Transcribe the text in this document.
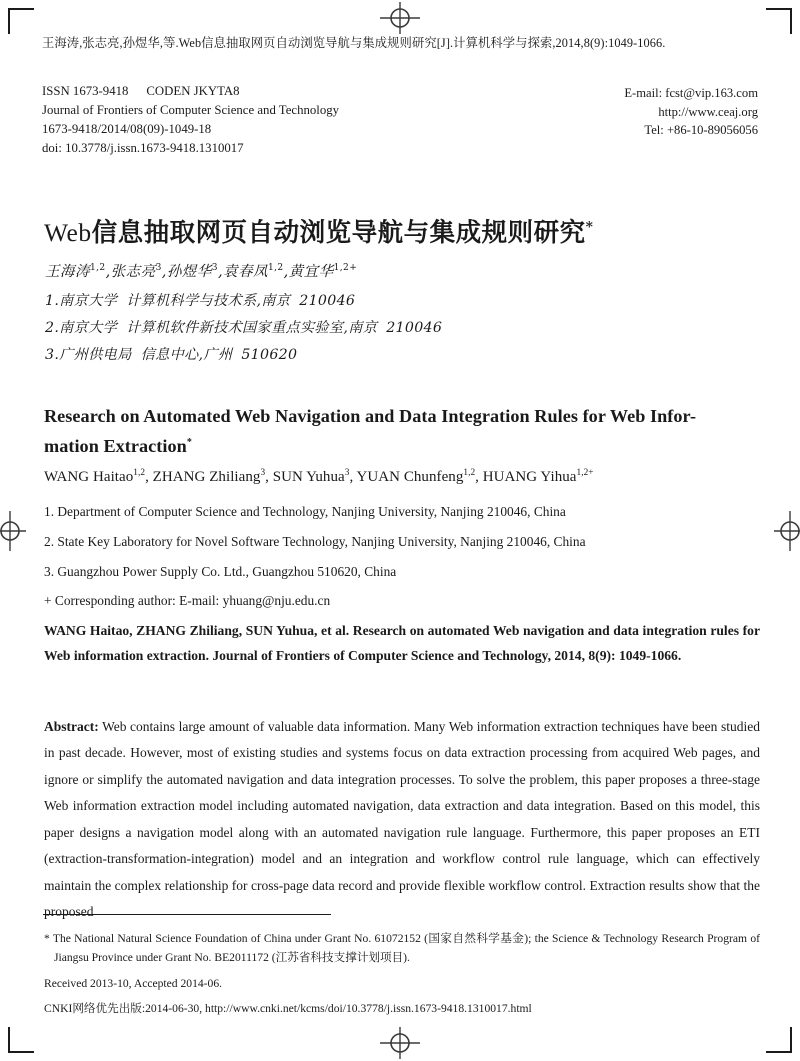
王海涛,张志亮,孙煜华,等.Web信息抽取网页自动浏览导航与集成规则研究[J].计算机科学与探索,2014,8(9):1049-1066.
ISSN 1673-9418 CODEN JKYTA8
Journal of Frontiers of Computer Science and Technology
1673-9418/2014/08(09)-1049-18
doi: 10.3778/j.issn.1673-9418.1310017
E-mail: fcst@vip.163.com
http://www.ceaj.org
Tel: +86-10-89056056
Web信息抽取网页自动浏览导航与集成规则研究*
王海涛$^{1,2}$,张志亮$^3$,孙煜华$^3$,袁春凤$^{1,2}$,黄宜华$^{1,2+}$
1.南京大学 计算机科学与技术系,南京 210046
2.南京大学 计算机软件新技术国家重点实验室,南京 210046
3.广州供电局 信息中心,广州 510620
Research on Automated Web Navigation and Data Integration Rules for Web Infor-
mation Extraction*
WANG Haitao$^{1,2}$, ZHANG Zhiliang$^3$, SUN Yuhua$^3$, YUAN Chunfeng$^{1,2}$, HUANG Yihua$^{1,2+}$
1. Department of Computer Science and Technology, Nanjing University, Nanjing 210046, China
2. State Key Laboratory for Novel Software Technology, Nanjing University, Nanjing 210046, China
3. Guangzhou Power Supply Co. Ltd., Guangzhou 510620, China
+ Corresponding author: E-mail: yhuang@nju.edu.cn
WANG Haitao, ZHANG Zhiliang, SUN Yuhua, et al. Research on automated Web navigation and data integration rules for Web information extraction. Journal of Frontiers of Computer Science and Technology, 2014, 8(9): 1049-1066.
Abstract: Web contains large amount of valuable data information. Many Web information extraction techniques have been studied in past decade. However, most of existing studies and systems focus on data extraction processing from acquired Web pages, and ignore or simplify the automated navigation and data integration processes. To solve the problem, this paper proposes a three-stage Web information extraction model including automated navigation, data extraction and data integration. Based on this model, this paper designs a navigation model along with an automated navigation rule language. Furthermore, this paper proposes an ETI (extraction-transformation-integration) model and an integration and workflow control rule language, which can effectively maintain the complex relationship for cross-page data record and provide flexible workflow control. Extraction results show that the proposed
* The National Natural Science Foundation of China under Grant No. 61072152 (国家自然科学基金); the Science & Technology Research Program of Jiangsu Province under Grant No. BE2011172 (江苏省科技支撑计划项目).
Received 2013-10, Accepted 2014-06.
CNKI网络优先出版:2014-06-30, http://www.cnki.net/kcms/doi/10.3778/j.issn.1673-9418.1310017.html
